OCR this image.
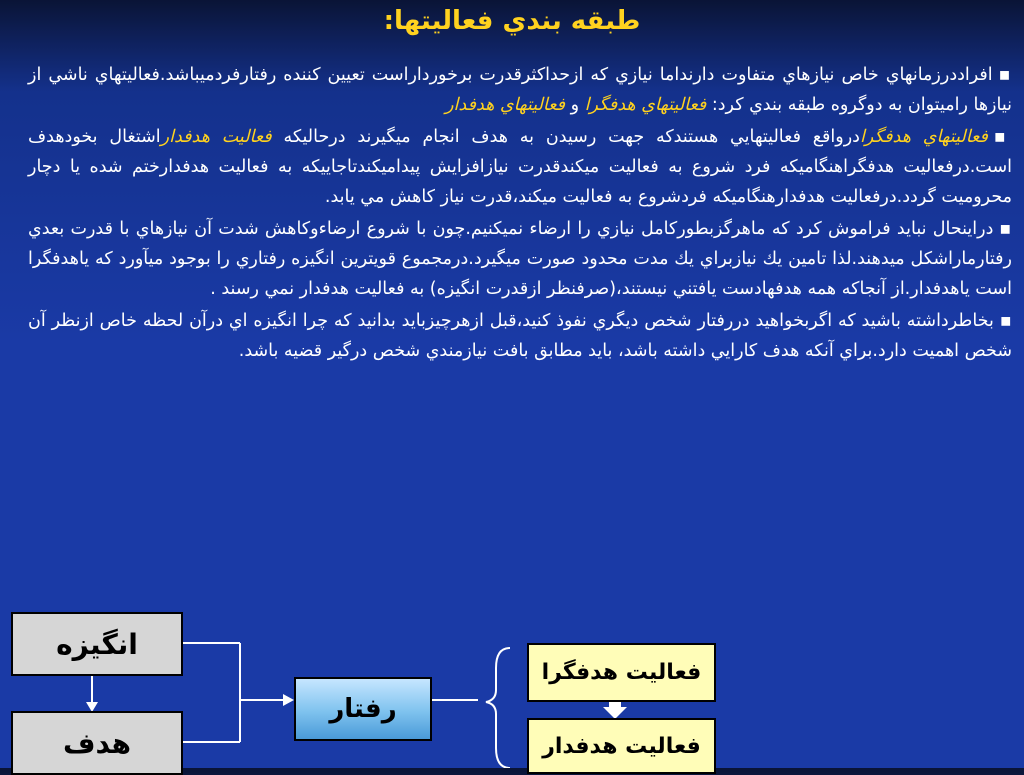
طبقه بندي فعاليتها:

▪افراددرزمانهاي خاص نيازهاي متفاوت دارنداما نيازي كه ازحداكثرقدرت برخورداراست تعيين كننده رفتارفردميباشد.فعاليتهاي ناشي از نيازها راميتوان به دوگروه طبقه بندي كرد: فعاليتهاي هدفگرا و فعاليتهاي هدفدار

▪فعاليتهاي هدفگرادرواقع فعاليتهايي هستندكه جهت رسيدن به هدف انجام ميگيرند درحاليكه فعاليت هدفداراشتغال بخودهدف است.درفعاليت هدفگراهنگاميكه فرد شروع به فعاليت ميكندقدرت نيازافزايش پيداميكندتاجاييكه به فعاليت هدفدارختم شده يا دچار محروميت گردد.درفعاليت هدفدارهنگاميكه فردشروع به فعاليت ميكند،قدرت نياز كاهش مي يابد.

▪دراينحال نبايد فراموش كرد كه ماهرگزبطوركامل نيازي را ارضاء نميكنيم.چون با شروع ارضاءوكاهش شدت آن نيازهاي با قدرت بعدي رفتارماراشكل ميدهند.لذا تامين يك نيازبراي يك مدت محدود صورت ميگيرد.درمجموع قويترين انگيزه رفتاري را بوجود ميآورد كه ياهدفگرا است ياهدفدار.از آنجاكه همه هدفهادست يافتني نيستند،(صرفنظر ازقدرت انگيزه) به فعاليت هدفدار نمي رسند .

▪بخاطرداشته باشيد كه اگربخواهيد دررفتار شخص ديگري نفوذ كنيد،قبل ازهرچيزبايد بدانيد كه چرا انگيزه اي درآن لحظه خاص ازنظر آن شخص اهميت دارد.براي آنكه هدف كارايي داشته باشد، بايد مطابق بافت نيازمندي شخص درگير قضيه باشد.

انگيزه
هدف
رفتار
فعاليت هدفگرا
فعاليت هدفدار
